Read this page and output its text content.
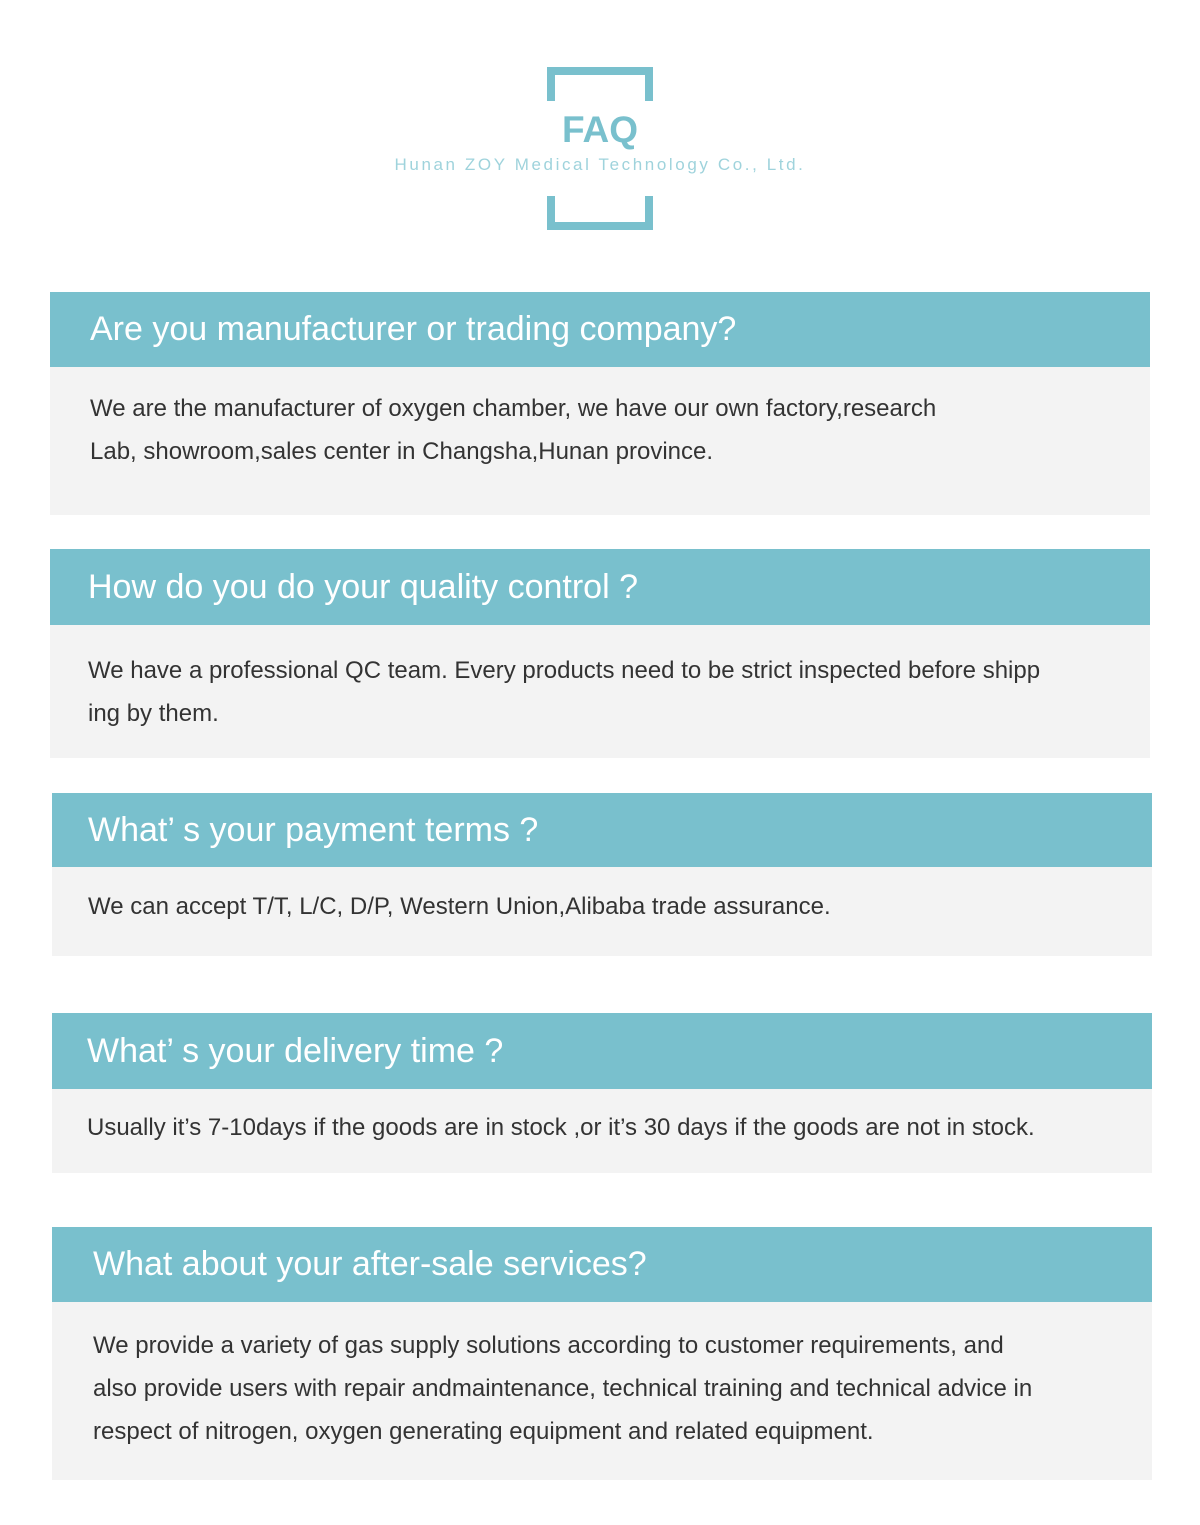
FAQ
Hunan ZOY Medical Technology Co., Ltd.
Are you manufacturer or trading company?
We are the manufacturer of oxygen chamber, we have our own factory,research
Lab, showroom,sales center in Changsha,Hunan province.
How do you do your quality control ?
We have a professional QC team. Every products need to be strict inspected before shipp
ing by them.
What’ s your payment terms ?
We can accept T/T, L/C, D/P, Western Union,Alibaba trade assurance.
What’ s your delivery time ?
Usually it’s 7-10days if the goods are in stock ,or it’s 30 days if the goods are not in stock.
What about your after-sale services?
We provide a variety of gas supply solutions according to customer requirements, and
also provide users with repair andmaintenance, technical training and technical advice in
respect of nitrogen, oxygen generating equipment and related equipment.
